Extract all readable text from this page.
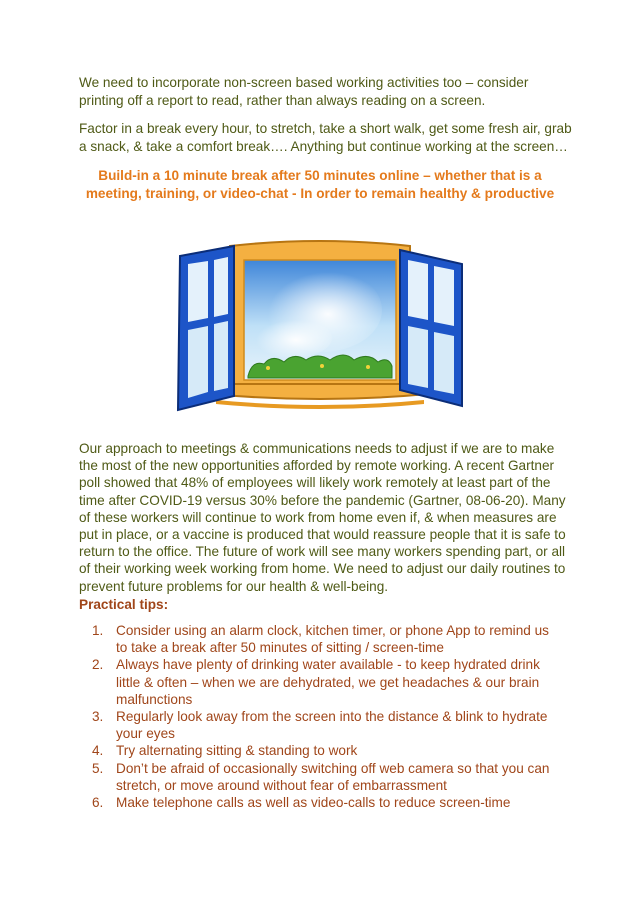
We need to incorporate non-screen based working activities too – consider printing off a report to read, rather than always reading on a screen.

Factor in a break every hour, to stretch, take a short walk, get some fresh air, grab a snack, & take a comfort break…. Anything but continue working at the screen…

Build-in a 10 minute break after 50 minutes online – whether that is a meeting, training, or video-chat - In order to remain healthy & productive

Our approach to meetings & communications needs to adjust if we are to make the most of the new opportunities afforded by remote working. A recent Gartner poll showed that 48% of employees will likely work remotely at least part of the time after COVID-19 versus 30% before the pandemic (Gartner, 08-06-20). Many of these workers will continue to work from home even if, & when measures are put in place, or a vaccine is produced that would reassure people that it is safe to return to the office. The future of work will see many workers spending part, or all of their working week working from home. We need to adjust our daily routines to prevent future problems for our health & well-being.

Practical tips:

1. Consider using an alarm clock, kitchen timer, or phone App to remind us to take a break after 50 minutes of sitting / screen-time
2. Always have plenty of drinking water available - to keep hydrated drink little & often – when we are dehydrated, we get headaches & our brain malfunctions
3. Regularly look away from the screen into the distance & blink to hydrate your eyes
4. Try alternating sitting & standing to work
5. Don’t be afraid of occasionally switching off web camera so that you can stretch, or move around without fear of embarrassment
6. Make telephone calls as well as video-calls to reduce screen-time
